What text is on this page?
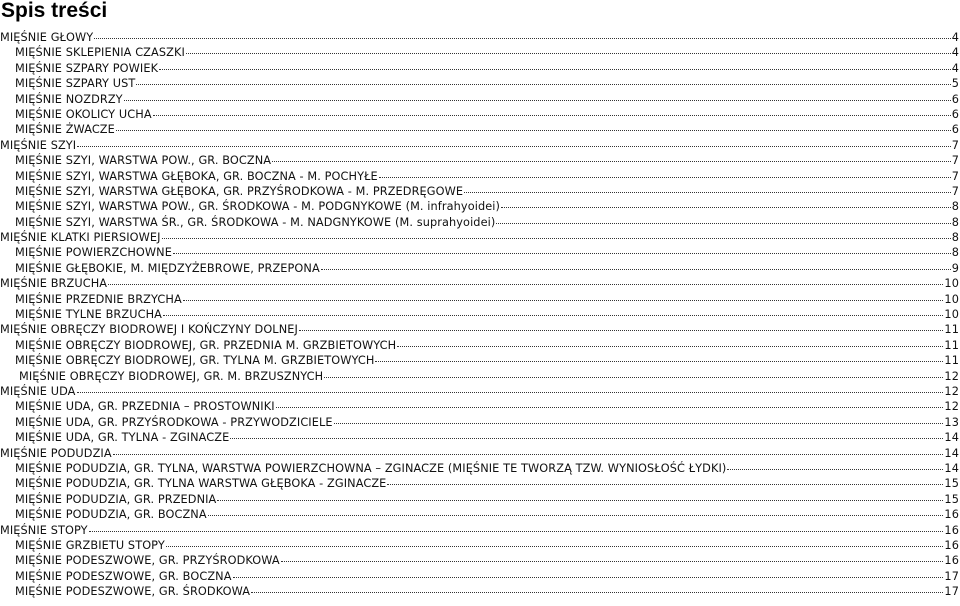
Spis treści
MIĘŚNIE GŁOWY	4
MIĘŚNIE SKLEPIENIA CZASZKI	4
MIĘŚNIE SZPARY POWIEK	4
MIĘŚNIE SZPARY UST	5
MIĘŚNIE NOZDRZY	6
MIĘŚNIE OKOLICY UCHA	6
MIĘŚNIE ŻWACZE	6
MIĘŚNIE SZYI	7
MIĘŚNIE SZYI, WARSTWA POW., GR. BOCZNA	7
MIĘŚNIE SZYI, WARSTWA GŁĘBOKA, GR. BOCZNA - M. POCHYŁE	7
MIĘŚNIE SZYI, WARSTWA GŁĘBOKA, GR. PRZYŚRODKOWA - M. PRZEDRĘGOWE	7
MIĘŚNIE SZYI, WARSTWA POW., GR. ŚRODKOWA - M. PODGNYKOWE (M. infrahyoidei)	8
MIĘŚNIE SZYI, WARSTWA ŚR., GR. ŚRODKOWA - M. NADGNYKOWE (M. suprahyoidei)	8
MIĘŚNIE KLATKI PIERSIOWEJ	8
MIĘŚNIE POWIERZCHOWNE	8
MIĘŚNIE GŁĘBOKIE, M. MIĘDZYŻEBROWE, PRZEPONA	9
MIĘŚNIE BRZUCHA	10
MIĘŚNIE PRZEDNIE BRZYCHA	10
MIĘŚNIE TYLNE BRZUCHA	10
MIĘŚNIE OBRĘCZY BIODROWEJ I KOŃCZYNY DOLNEJ	11
MIĘŚNIE OBRĘCZY BIODROWEJ, GR. PRZEDNIA M. GRZBIETOWYCH	11
MIĘŚNIE OBRĘCZY BIODROWEJ, GR. TYLNA M. GRZBIETOWYCH	11
MIĘŚNIE OBRĘCZY BIODROWEJ, GR. M. BRZUSZNYCH	12
MIĘŚNIE UDA	12
MIĘŚNIE UDA, GR. PRZEDNIA – PROSTOWNIKI	12
MIĘŚNIE UDA, GR. PRZYŚRODKOWA - PRZYWODZICIELE	13
MIĘŚNIE UDA, GR. TYLNA - ZGINACZE	14
MIĘŚNIE PODUDZIA	14
MIĘŚNIE PODUDZIA, GR. TYLNA, WARSTWA POWIERZCHOWNA – ZGINACZE (MIĘŚNIE TE TWORZĄ TZW. WYNIOSŁOŚĆ ŁYDKI)	14
MIĘŚNIE PODUDZIA, GR. TYLNA WARSTWA GŁĘBOKA - ZGINACZE	15
MIĘŚNIE PODUDZIA, GR. PRZEDNIA	15
MIĘŚNIE PODUDZIA, GR. BOCZNA	16
MIĘŚNIE STOPY	16
MIĘŚNIE GRZBIETU STOPY	16
MIĘŚNIE PODESZWOWE, GR. PRZYŚRODKOWA	16
MIĘŚNIE PODESZWOWE, GR. BOCZNA	17
MIĘŚNIE PODESZWOWE, GR. ŚRODKOWA	17
